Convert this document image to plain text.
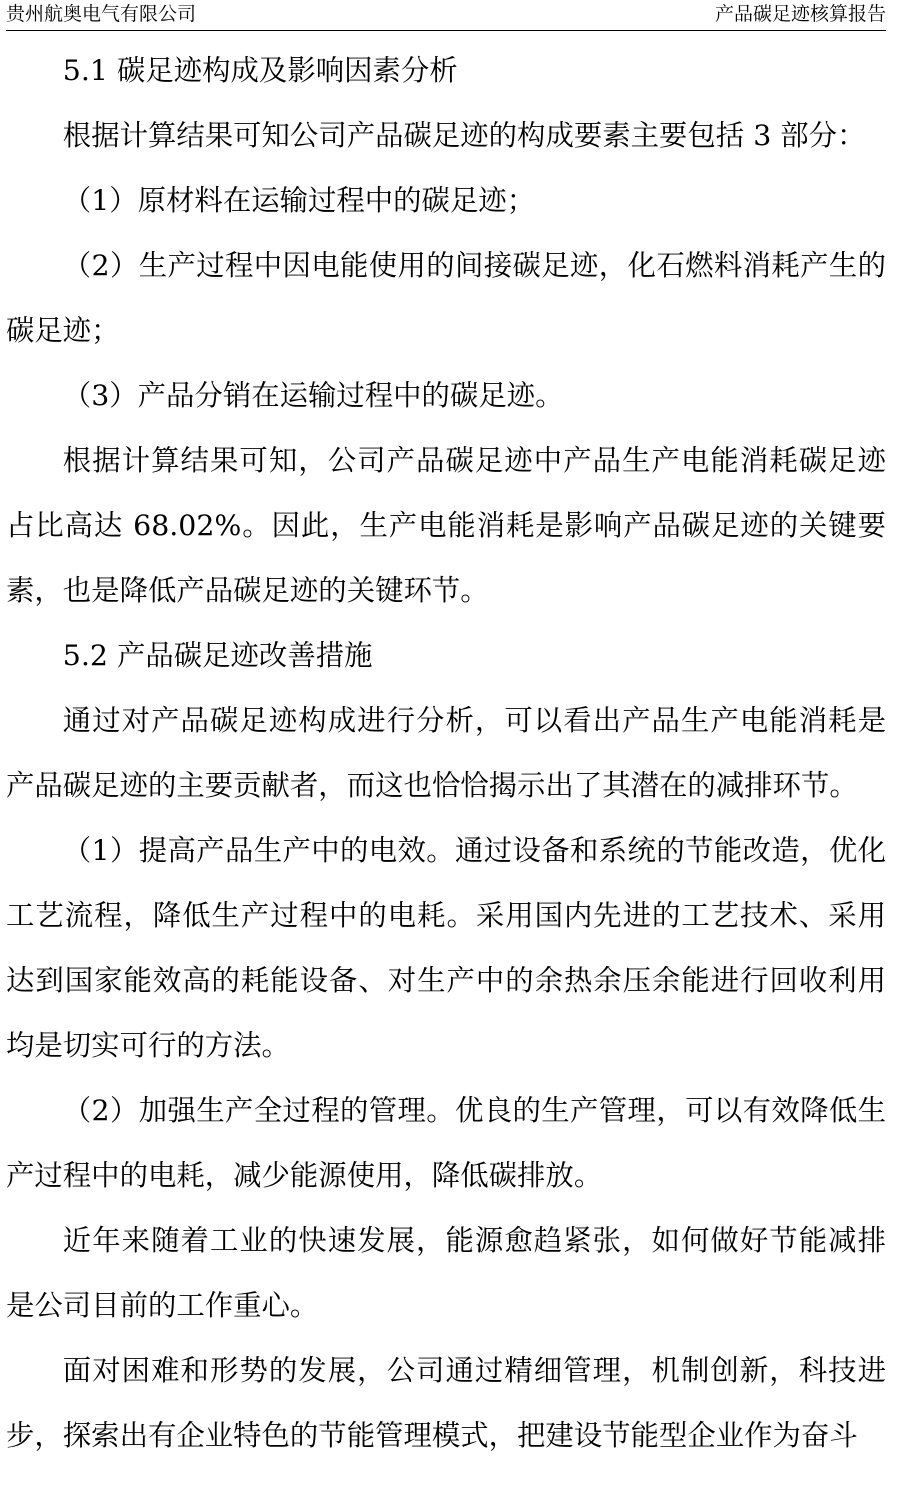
贵州航奥电气有限公司	产品碳足迹核算报告

5.1 碳足迹构成及影响因素分析

根据计算结果可知公司产品碳足迹的构成要素主要包括 3 部分：

（1）原材料在运输过程中的碳足迹；

（2）生产过程中因电能使用的间接碳足迹，化石燃料消耗产生的碳足迹；

（3）产品分销在运输过程中的碳足迹。

根据计算结果可知，公司产品碳足迹中产品生产电能消耗碳足迹占比高达 68.02%。因此，生产电能消耗是影响产品碳足迹的关键要素，也是降低产品碳足迹的关键环节。

5.2 产品碳足迹改善措施

通过对产品碳足迹构成进行分析，可以看出产品生产电能消耗是产品碳足迹的主要贡献者，而这也恰恰揭示出了其潜在的减排环节。

（1）提高产品生产中的电效。通过设备和系统的节能改造，优化工艺流程，降低生产过程中的电耗。采用国内先进的工艺技术、采用达到国家能效高的耗能设备、对生产中的余热余压余能进行回收利用均是切实可行的方法。

（2）加强生产全过程的管理。优良的生产管理，可以有效降低生产过程中的电耗，减少能源使用，降低碳排放。

近年来随着工业的快速发展，能源愈趋紧张，如何做好节能减排是公司目前的工作重心。

面对困难和形势的发展，公司通过精细管理，机制创新，科技进步，探索出有企业特色的节能管理模式，把建设节能型企业作为奋斗
